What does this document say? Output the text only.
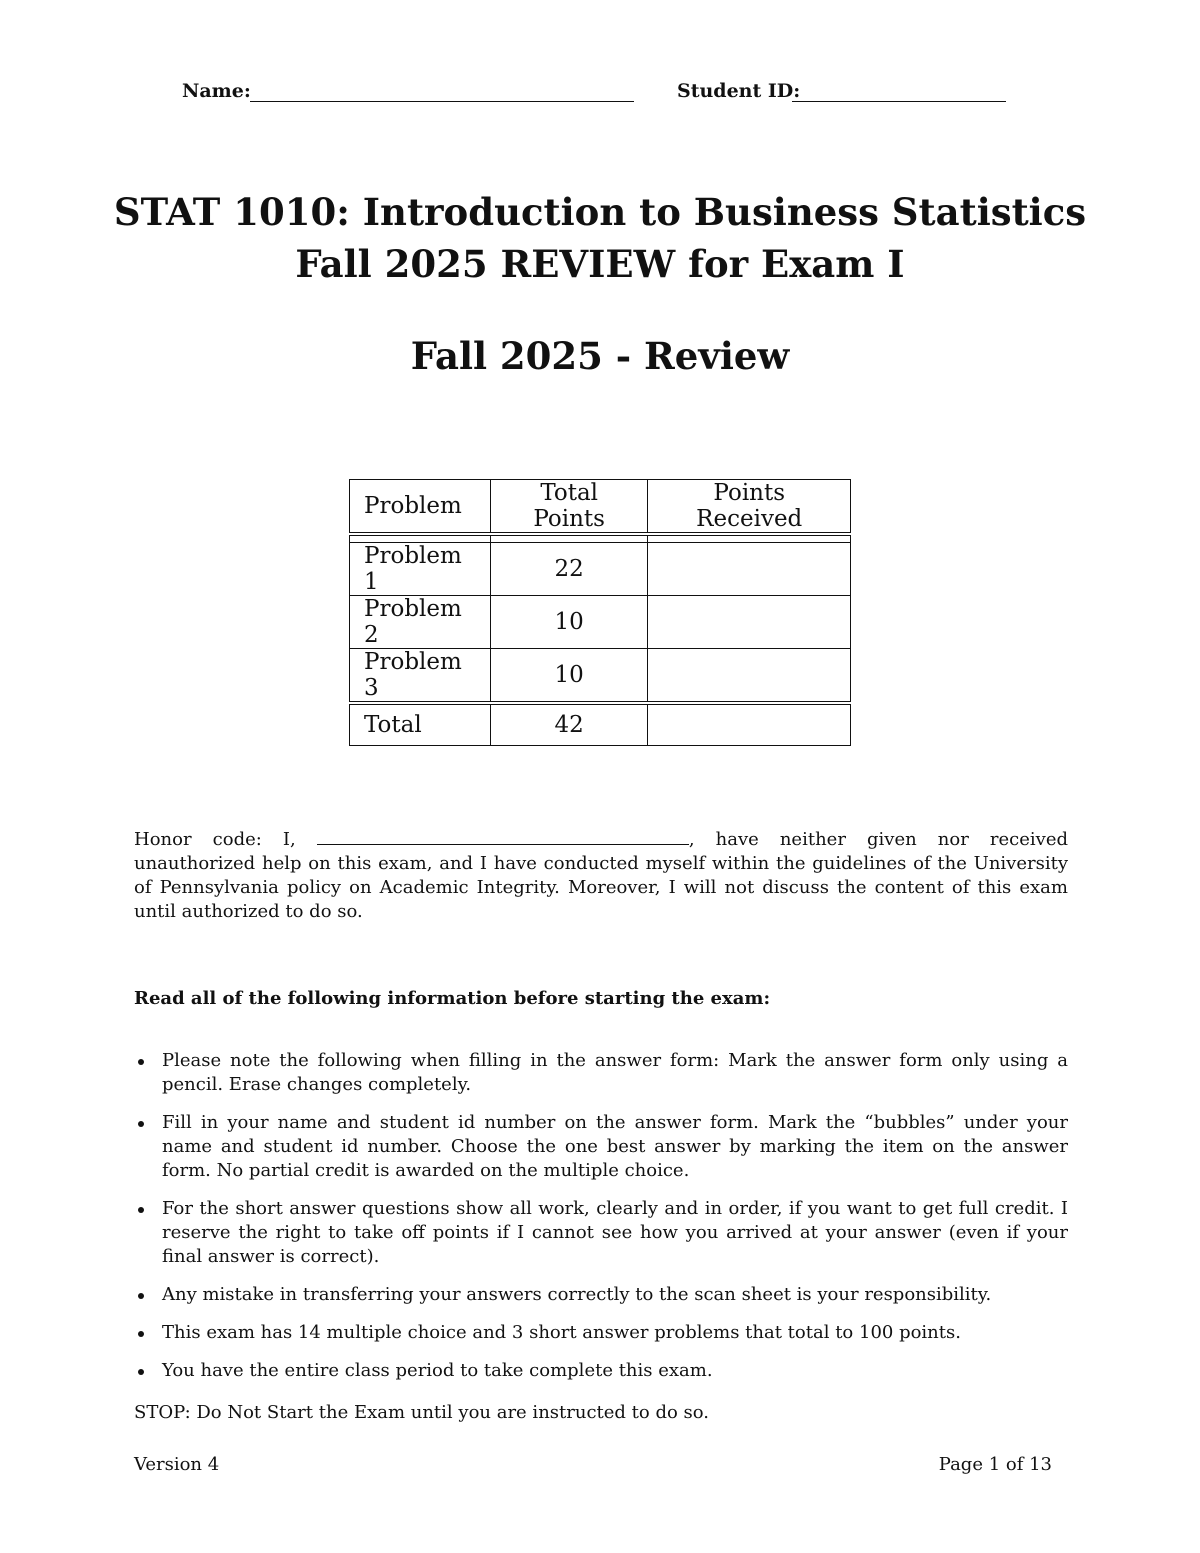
Name:	Student ID:
STAT 1010: Introduction to Business Statistics
Fall 2025 REVIEW for Exam I
Fall 2025 - Review
Problem	Total Points	Points Received

Problem 1	22	
Problem 2	10	
Problem 3	10	
Total	42	
Honor code: I,	, have neither given nor received unauthorized help on this exam, and I have conducted myself within the guidelines of the University of Pennsylvania policy on Academic Integrity. Moreover, I will not discuss the content of this exam until authorized to do so.
Read all of the following information before starting the exam:
Please note the following when filling in the answer form: Mark the answer form only using a pencil. Erase changes completely.
Fill in your name and student id number on the answer form. Mark the “bubbles” under your name and student id number. Choose the one best answer by marking the item on the answer form. No partial credit is awarded on the multiple choice.
For the short answer questions show all work, clearly and in order, if you want to get full credit. I reserve the right to take off points if I cannot see how you arrived at your answer (even if your final answer is correct).
Any mistake in transferring your answers correctly to the scan sheet is your responsibility.
This exam has 14 multiple choice and 3 short answer problems that total to 100 points.
You have the entire class period to take complete this exam.
STOP: Do Not Start the Exam until you are instructed to do so.
Version 4	Page 1 of 13
